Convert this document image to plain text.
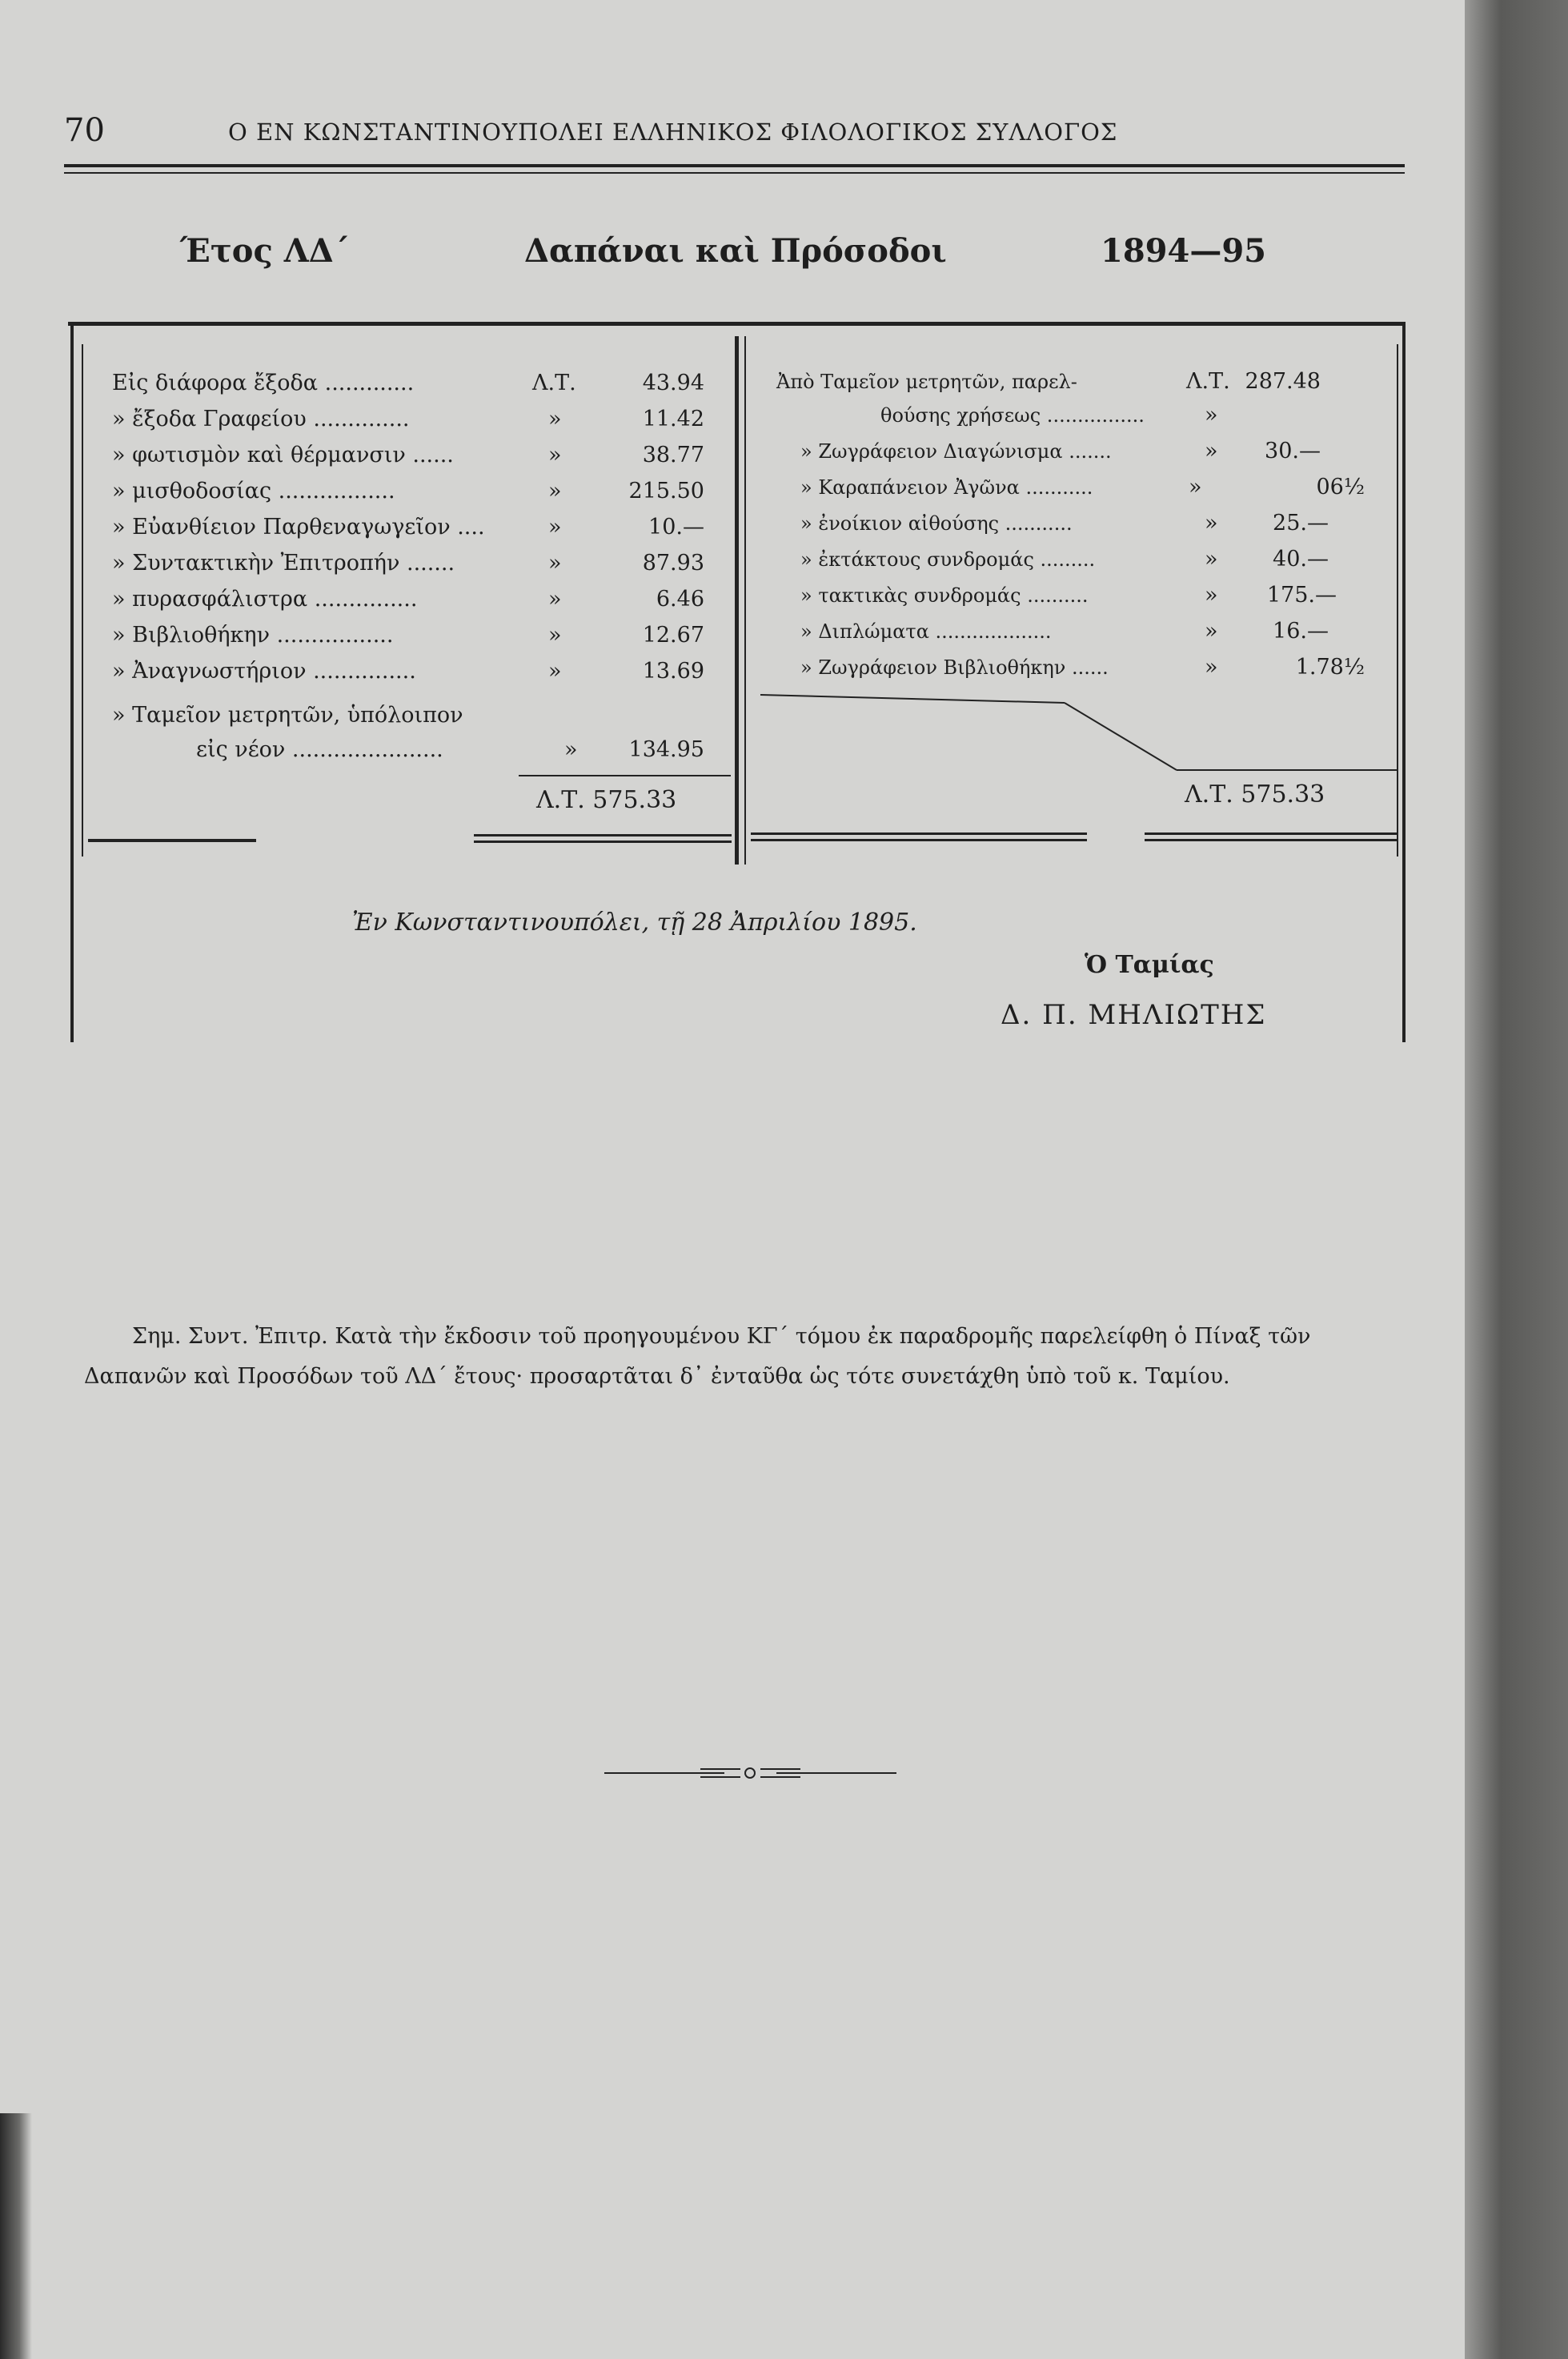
70	Ο ΕΝ ΚΩΝΣΤΑΝΤΙΝΟΥΠΟΛΕΙ ΕΛΛΗΝΙΚΟΣ ΦΙΛΟΛΟΓΙΚΟΣ ΣΥΛΛΟΓΟΣ
Έτος ΛΔ΄	Δαπάναι καὶ Πρόσοδοι	1894—95
Εἰς διάφορα ἔξοδα .............	Λ.Τ.	43.94
» ἔξοδα Γραφείου ..............	»	11.42
» φωτισμὸν καὶ θέρμανσιν ......	»	38.77
» μισθοδοσίας .................	»	215.50
» Εὐανθίειον Παρθεναγωγεῖον ....	»	10.—
» Συντακτικὴν Ἐπιτροπήν .......	»	87.93
» πυρασφάλιστρα ...............	»	6.46
» Βιβλιοθήκην .................	»	12.67
» Ἀναγνωστήριον ...............	»	13.69
» Ταμεῖον μετρητῶν, ὑπόλοιπον
εἰς νέον ......................	»	134.95
Λ.Τ. 575.33
Ἀπὸ Ταμεῖον μετρητῶν, παρελ-	Λ.Τ. 287.48
θούσης χρήσεως ................	»
» Ζωγράφειον Διαγώνισμα .......	»	30.—
» Καραπάνειον Ἀγῶνα ...........	»	06½
» ἐνοίκιον αἰθούσης ...........	»	25.—
» ἐκτάκτους συνδρομάς .........	»	40.—
» τακτικὰς συνδρομάς ..........	»	175.—
» Διπλώματα ...................	»	16.—
» Ζωγράφειον Βιβλιοθήκην ......	»	1.78½
Λ.Τ. 575.33
Ἐν Κωνσταντινουπόλει, τῇ 28 Ἀπριλίου 1895.
Ὁ Ταμίας
Δ. Π. ΜΗΛΙΩΤΗΣ
Σημ. Συντ. Ἐπιτρ. Κατὰ τὴν ἔκδοσιν τοῦ προηγουμένου ΚΓ΄ τόμου ἐκ παραδρομῆς παρελείφθη ὁ Πίναξ τῶν
Δαπανῶν καὶ Προσόδων τοῦ ΛΔ΄ ἔτους· προσαρτᾶται δ᾽ ἐνταῦθα ὡς τότε συνετάχθη ὑπὸ τοῦ κ. Ταμίου.
